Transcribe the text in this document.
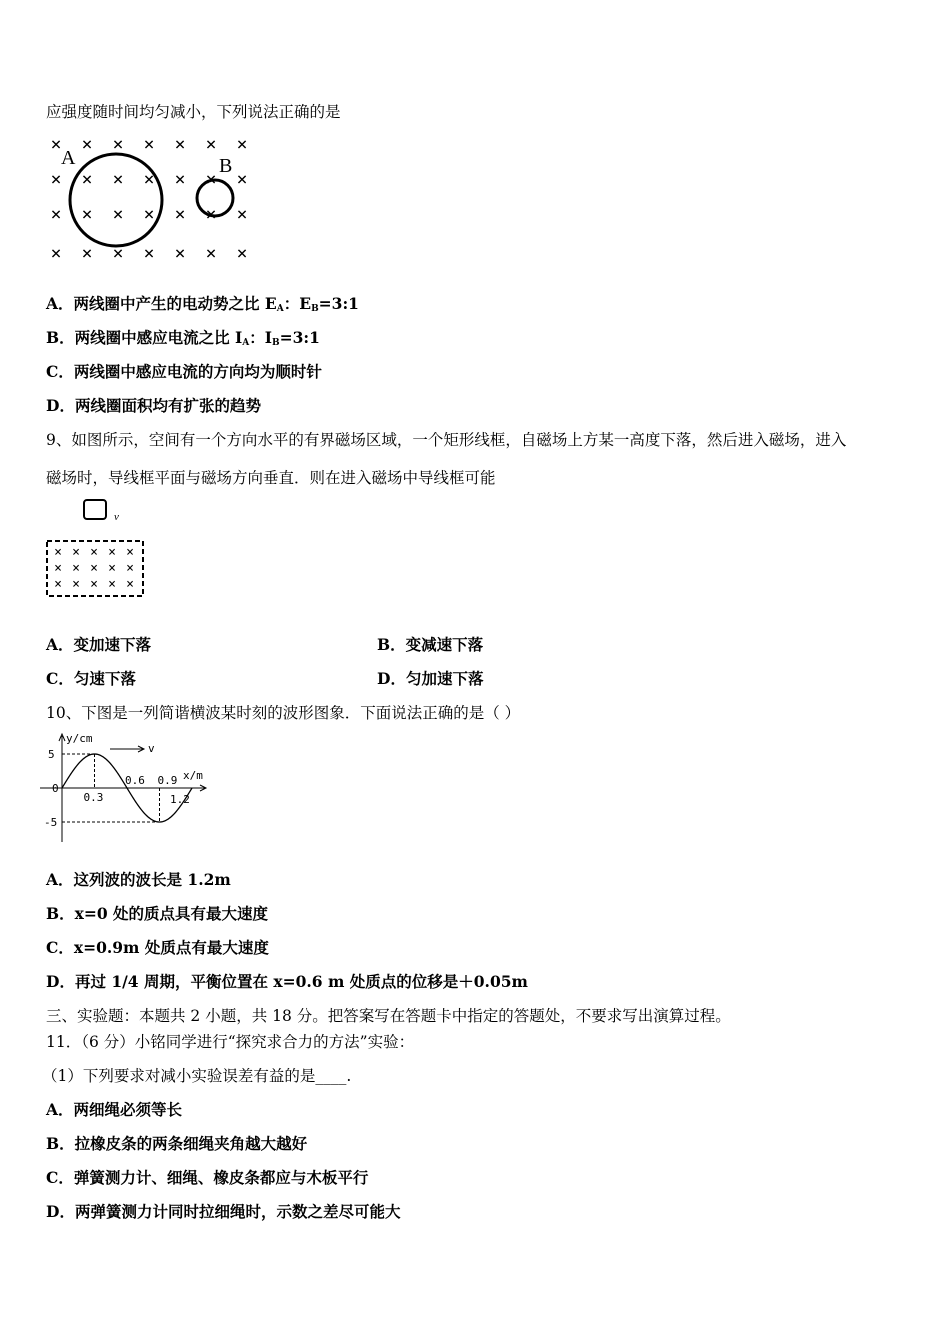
应强度随时间均匀减小，下列说法正确的是
× × × × × × ×
× × × × × × ×
× × × × × × ×
× × × × × × ×
A	B
A．两线圈中产生的电动势之比 $E_A$：$E_B=3:1$
B．两线圈中感应电流之比 $I_A$：$I_B=3:1$
C．两线圈中感应电流的方向均为顺时针
D．两线圈面积均有扩张的趋势
9、如图所示，空间有一个方向水平的有界磁场区域，一个矩形线框，自磁场上方某一高度下落，然后进入磁场，进入
磁场时，导线框平面与磁场方向垂直．则在进入磁场中导线框可能
v
× × × × ×
× × × × ×
× × × × ×
A．变加速下落	B．变减速下落
C．匀速下落	D．匀加速下落
10、下图是一列简谐横波某时刻的波形图象．下面说法正确的是（ ）
y/cm
x/m
v
5
0
-5
0.3
0.6 0.9
1.2
A．这列波的波长是 1.2m
B．x=0 处的质点具有最大速度
C．x=0.9m 处质点有最大速度
D．再过 1/4 周期，平衡位置在 x=0.6 m 处质点的位移是＋0.05m
三、实验题：本题共 2 小题，共 18 分。把答案写在答题卡中指定的答题处，不要求写出演算过程。
11．（6 分）小铭同学进行“探究求合力的方法”实验：
（1）下列要求对减小实验误差有益的是____.
A．两细绳必须等长
B．拉橡皮条的两条细绳夹角越大越好
C．弹簧测力计、细绳、橡皮条都应与木板平行
D．两弹簧测力计同时拉细绳时，示数之差尽可能大
